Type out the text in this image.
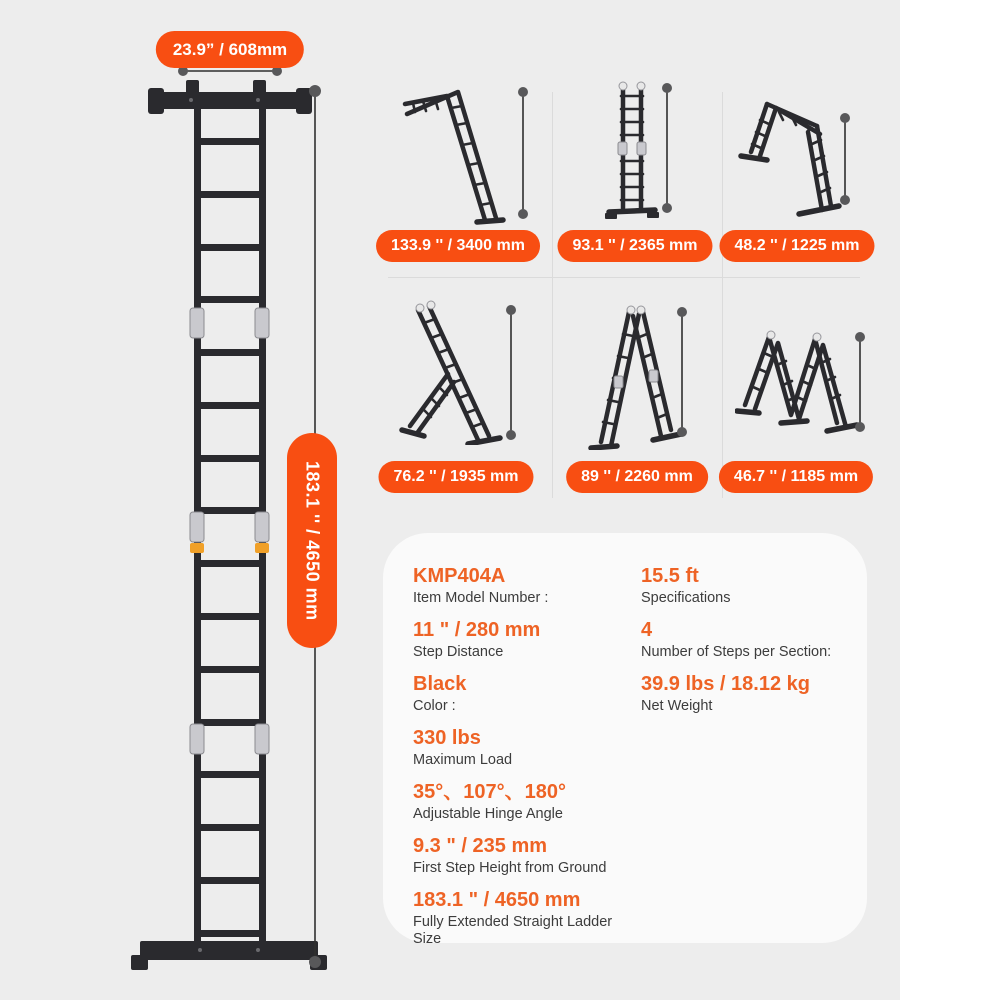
23.9” / 608mm
183.1 '' / 4650 mm
133.9 '' / 3400 mm	93.1 '' / 2365 mm	48.2 '' / 1225 mm
76.2 '' / 1935 mm	89 '' / 2260 mm	46.7 '' / 1185 mm
KMP404A
Item Model Number :
11 " / 280 mm
Step Distance
Black
Color :
330 lbs
Maximum Load
35°、107°、180°
Adjustable Hinge Angle
9.3 " / 235 mm
First Step Height from Ground
183.1 " / 4650 mm
Fully Extended Straight Ladder Size
15.5 ft
Specifications
4
Number of Steps per Section:
39.9 lbs / 18.12 kg
Net Weight
